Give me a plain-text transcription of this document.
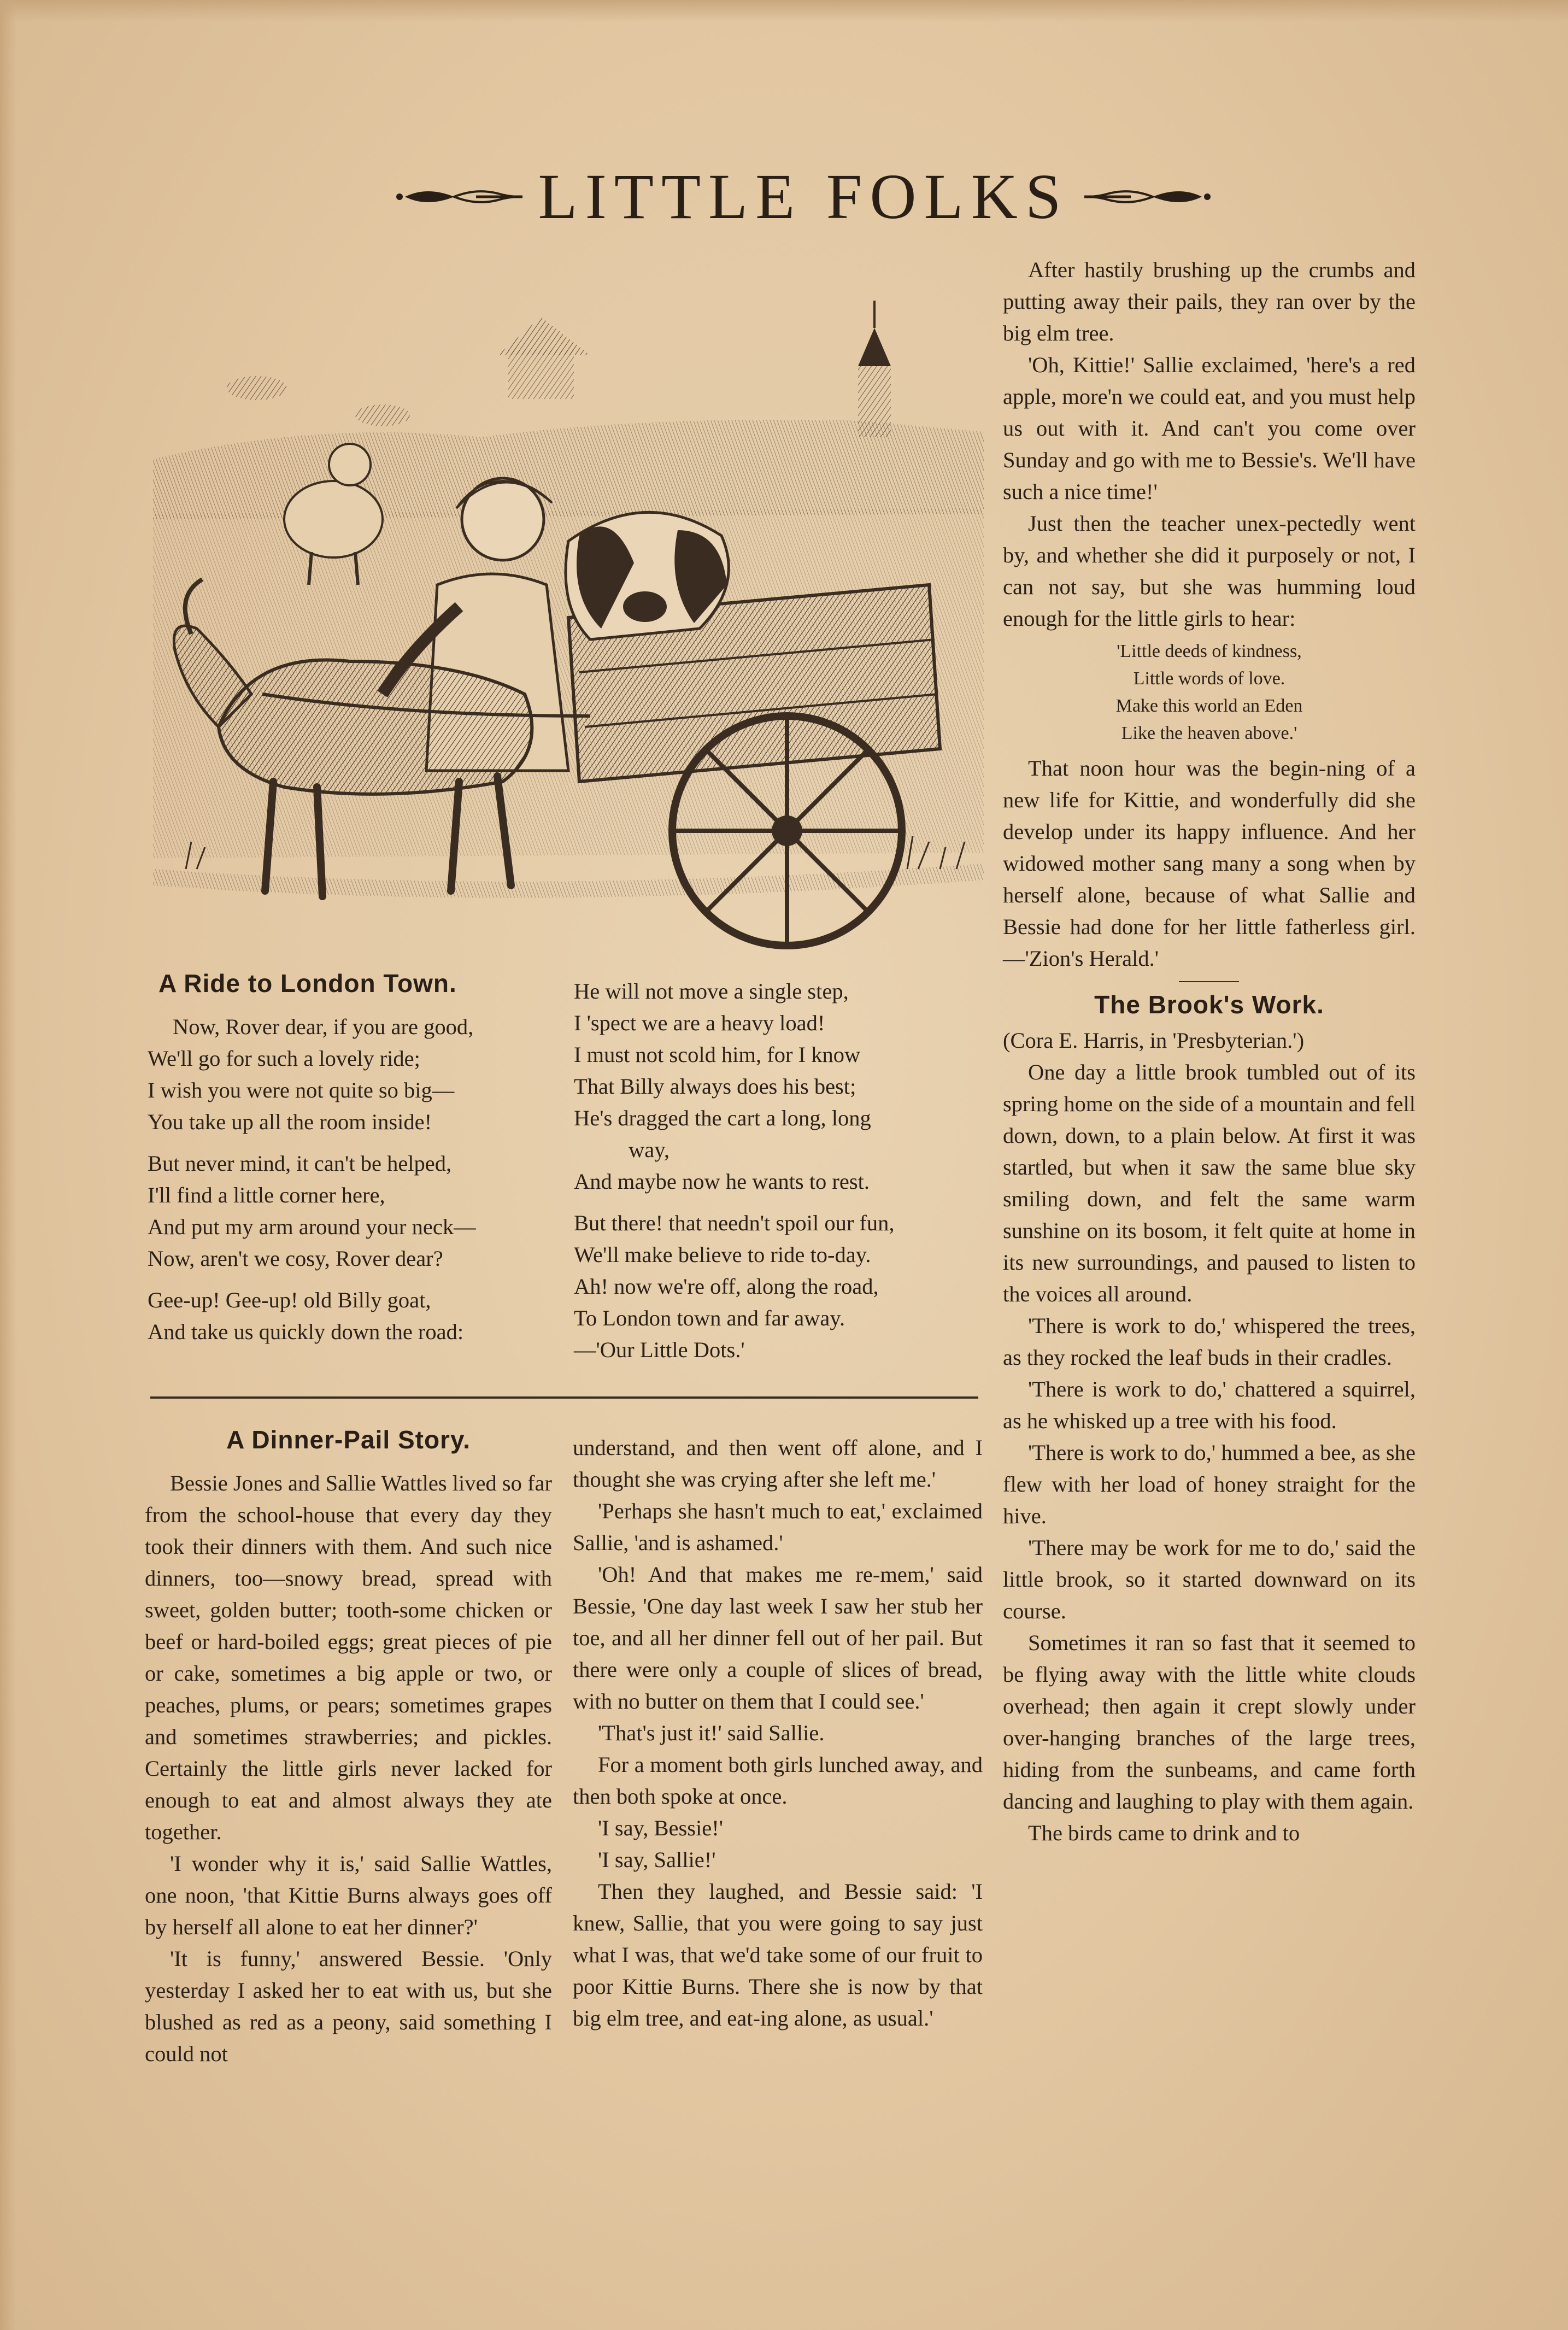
LITTLE FOLKS
A Ride to London Town.
Now, Rover dear, if you are good,
We'll go for such a lovely ride;
I wish you were not quite so big—
You take up all the room inside!
But never mind, it can't be helped,
I'll find a little corner here,
And put my arm around your neck—
Now, aren't we cosy, Rover dear?
Gee-up! Gee-up! old Billy goat,
And take us quickly down the road:
He will not move a single step,
I 'spect we are a heavy load!
I must not scold him, for I know
That Billy always does his best;
He's dragged the cart a long, long
way,
And maybe now he wants to rest.
But there! that needn't spoil our fun,
We'll make believe to ride to-day.
Ah! now we're off, along the road,
To London town and far away.
—'Our Little Dots.'
A Dinner-Pail Story.

Bessie Jones and Sallie Wattles lived so far from the school-house that every day they took their dinners with them. And such nice dinners, too—snowy bread, spread with sweet, golden butter; tooth-some chicken or beef or hard-boiled eggs; great pieces of pie or cake, sometimes a big apple or two, or peaches, plums, or pears; sometimes grapes and sometimes strawberries; and pickles. Certainly the little girls never lacked for enough to eat and almost always they ate together.

'I wonder why it is,' said Sallie Wattles, one noon, 'that Kittie Burns always goes off by herself all alone to eat her dinner?'

'It is funny,' answered Bessie. 'Only yesterday I asked her to eat with us, but she blushed as red as a peony, said something I could not

understand, and then went off alone, and I thought she was crying after she left me.'

'Perhaps she hasn't much to eat,' exclaimed Sallie, 'and is ashamed.'

'Oh! And that makes me re-mem,' said Bessie, 'One day last week I saw her stub her toe, and all her dinner fell out of her pail. But there were only a couple of slices of bread, with no butter on them that I could see.'

'That's just it!' said Sallie.

For a moment both girls lunched away, and then both spoke at once.

'I say, Bessie!'

'I say, Sallie!'

Then they laughed, and Bessie said: 'I knew, Sallie, that you were going to say just what I was, that we'd take some of our fruit to poor Kittie Burns. There she is now by that big elm tree, and eat-ing alone, as usual.'

After hastily brushing up the crumbs and putting away their pails, they ran over by the big elm tree.

'Oh, Kittie!' Sallie exclaimed, 'here's a red apple, more'n we could eat, and you must help us out with it. And can't you come over Sunday and go with me to Bessie's. We'll have such a nice time!'

Just then the teacher unex-pectedly went by, and whether she did it purposely or not, I can not say, but she was humming loud enough for the little girls to hear:

'Little deeds of kindness,
Little words of love.
Make this world an Eden
Like the heaven above.'

That noon hour was the begin-ning of a new life for Kittie, and wonderfully did she develop under its happy influence. And her widowed mother sang many a song when by herself alone, because of what Sallie and Bessie had done for her little fatherless girl.—'Zion's Herald.'

The Brook's Work.

(Cora E. Harris, in 'Presbyterian.')

One day a little brook tumbled out of its spring home on the side of a mountain and fell down, down, to a plain below. At first it was startled, but when it saw the same blue sky smiling down, and felt the same warm sunshine on its bosom, it felt quite at home in its new surroundings, and paused to listen to the voices all around.

'There is work to do,' whispered the trees, as they rocked the leaf buds in their cradles.

'There is work to do,' chattered a squirrel, as he whisked up a tree with his food.

'There is work to do,' hummed a bee, as she flew with her load of honey straight for the hive.

'There may be work for me to do,' said the little brook, so it started downward on its course.

Sometimes it ran so fast that it seemed to be flying away with the little white clouds overhead; then again it crept slowly under over-hanging branches of the large trees, hiding from the sunbeams, and came forth dancing and laughing to play with them again.

The birds came to drink and to
